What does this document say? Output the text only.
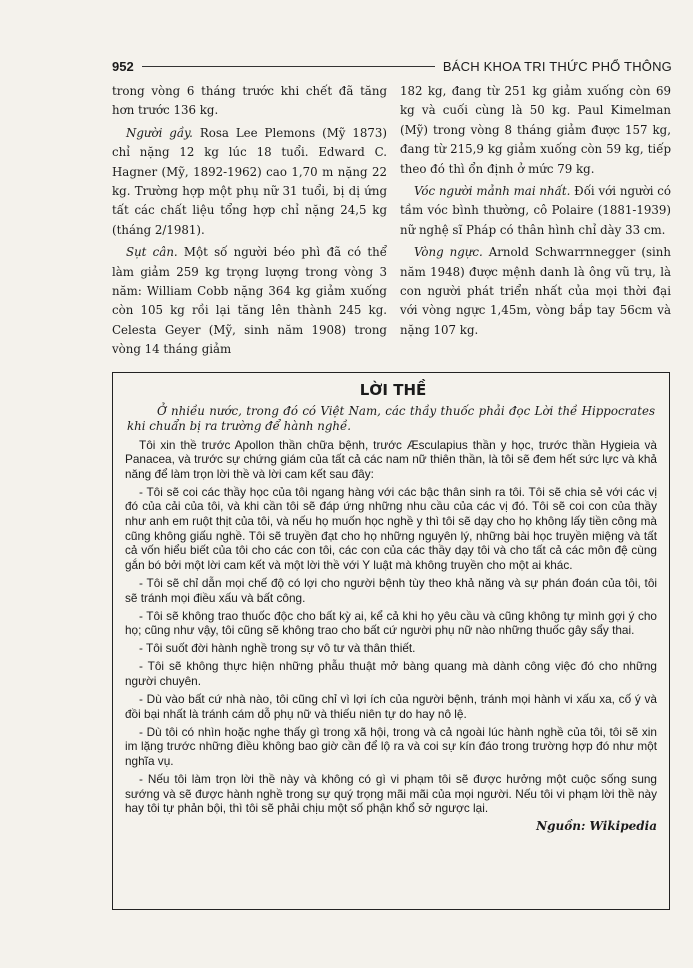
952	BÁCH KHOA TRI THỨC PHỔ THÔNG

trong vòng 6 tháng trước khi chết đã tăng hơn trước 136 kg.

Người gầy. Rosa Lee Plemons (Mỹ 1873) chỉ nặng 12 kg lúc 18 tuổi. Edward C. Hagner (Mỹ, 1892-1962) cao 1,70 m nặng 22 kg. Trường hợp một phụ nữ 31 tuổi, bị dị ứng tất các chất liệu tổng hợp chỉ nặng 24,5 kg (tháng 2/1981).

Sụt cân. Một số người béo phì đã có thể làm giảm 259 kg trọng lượng trong vòng 3 năm: William Cobb nặng 364 kg giảm xuống còn 105 kg rồi lại tăng lên thành 245 kg. Celesta Geyer (Mỹ, sinh năm 1908) trong vòng 14 tháng giảm

182 kg, đang từ 251 kg giảm xuống còn 69 kg và cuối cùng là 50 kg. Paul Kimelman (Mỹ) trong vòng 8 tháng giảm được 157 kg, đang từ 215,9 kg giảm xuống còn 59 kg, tiếp theo đó thì ổn định ở mức 79 kg.

Vóc người mảnh mai nhất. Đối với người có tầm vóc bình thường, cô Polaire (1881-1939) nữ nghệ sĩ Pháp có thân hình chỉ dày 33 cm.

Vòng ngực. Arnold Schwarrnnegger (sinh năm 1948) được mệnh danh là ông vũ trụ, là con người phát triển nhất của mọi thời đại với vòng ngực 1,45m, vòng bắp tay 56cm và nặng 107 kg.

LỜI THỀ
Ở nhiều nước, trong đó có Việt Nam, các thầy thuốc phải đọc Lời thề Hippocrates khi chuẩn bị ra trường để hành nghề.

Tôi xin thề trước Apollon thần chữa bệnh, trước Æsculapius thần y học, trước thần Hygieia và Panacea, và trước sự chứng giám của tất cả các nam nữ thiên thần, là tôi sẽ đem hết sức lực và khả năng để làm trọn lời thề và lời cam kết sau đây:

- Tôi sẽ coi các thầy học của tôi ngang hàng với các bậc thân sinh ra tôi. Tôi sẽ chia sẻ với các vị đó của cải của tôi, và khi cần tôi sẽ đáp ứng những nhu cầu của các vị đó. Tôi sẽ coi con của thầy như anh em ruột thịt của tôi, và nếu họ muốn học nghề y thì tôi sẽ dạy cho họ không lấy tiền công mà cũng không giấu nghề. Tôi sẽ truyền đạt cho họ những nguyên lý, những bài học truyền miệng và tất cả vốn hiểu biết của tôi cho các con tôi, các con của các thầy dạy tôi và cho tất cả các môn đệ cùng gắn bó bởi một lời cam kết và một lời thề với Y luật mà không truyền cho một ai khác.

- Tôi sẽ chỉ dẫn mọi chế độ có lợi cho người bệnh tùy theo khả năng và sự phán đoán của tôi, tôi sẽ tránh mọi điều xấu và bất công.

- Tôi sẽ không trao thuốc độc cho bất kỳ ai, kể cả khi họ yêu cầu và cũng không tự mình gợi ý cho họ; cũng như vậy, tôi cũng sẽ không trao cho bất cứ người phụ nữ nào những thuốc gây sẩy thai.

- Tôi suốt đời hành nghề trong sự vô tư và thân thiết.

- Tôi sẽ không thực hiện những phẫu thuật mở bàng quang mà dành công việc đó cho những người chuyên.

- Dù vào bất cứ nhà nào, tôi cũng chỉ vì lợi ích của người bệnh, tránh mọi hành vi xấu xa, cố ý và đồi bại nhất là tránh cám dỗ phụ nữ và thiếu niên tự do hay nô lệ.

- Dù tôi có nhìn hoặc nghe thấy gì trong xã hội, trong và cả ngoài lúc hành nghề của tôi, tôi sẽ xin im lặng trước những điều không bao giờ cần để lộ ra và coi sự kín đáo trong trường hợp đó như một nghĩa vụ.

- Nếu tôi làm trọn lời thề này và không có gì vi phạm tôi sẽ được hưởng một cuộc sống sung sướng và sẽ được hành nghề trong sự quý trọng mãi mãi của mọi người. Nếu tôi vi phạm lời thề này hay tôi tự phản bội, thì tôi sẽ phải chịu một số phận khổ sở ngược lại.

Nguồn: Wikipedia
